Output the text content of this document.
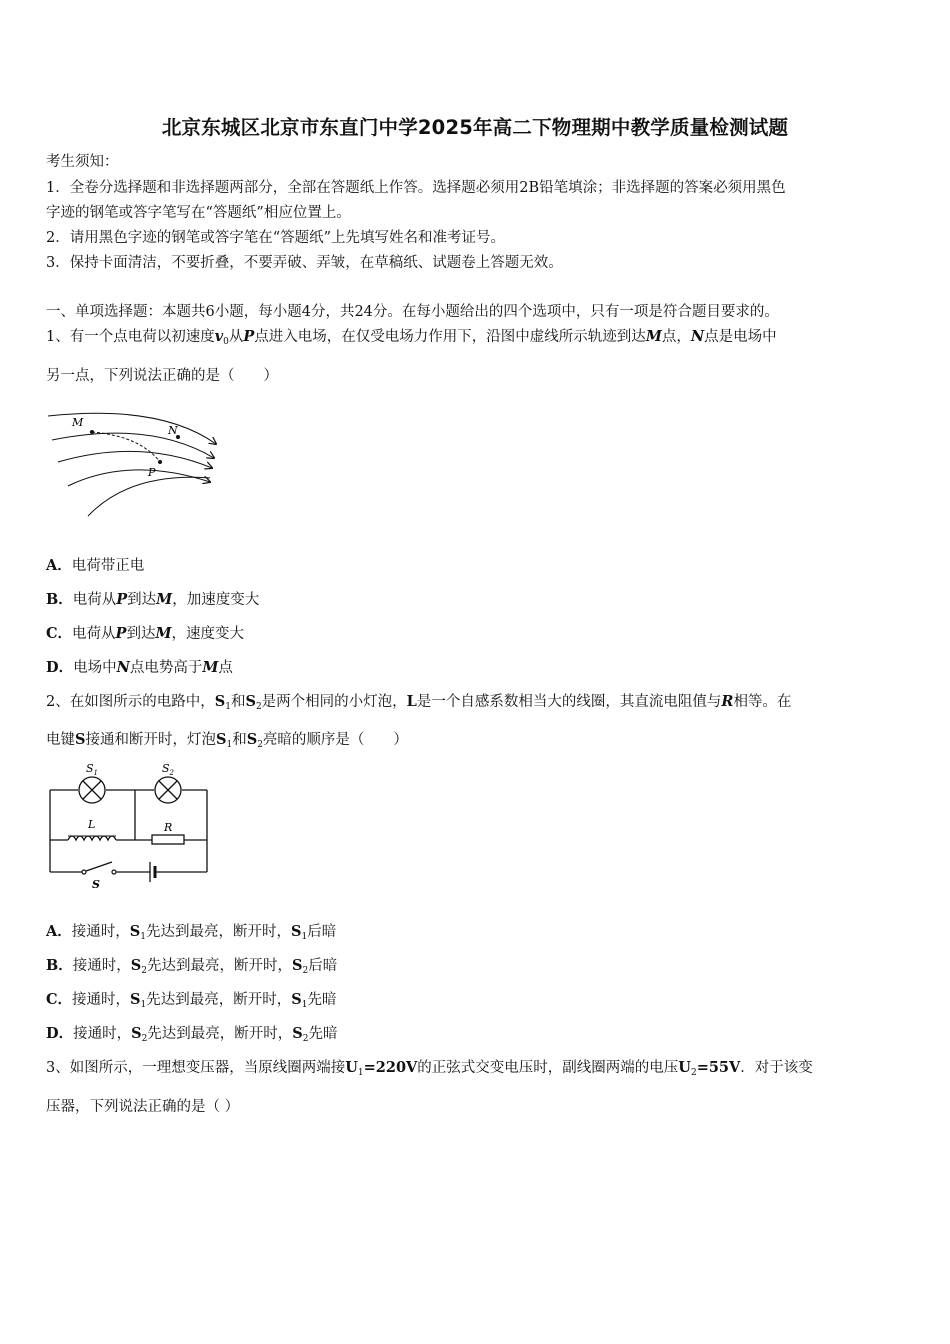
北京东城区北京市东直门中学2025年高二下物理期中教学质量检测试题
考生须知：
1．全卷分选择题和非选择题两部分，全部在答题纸上作答。选择题必须用2B铅笔填涂；非选择题的答案必须用黑色
字迹的钢笔或答字笔写在“答题纸”相应位置上。
2．请用黑色字迹的钢笔或答字笔在“答题纸”上先填写姓名和准考证号。
3．保持卡面清洁，不要折叠，不要弄破、弄皱，在草稿纸、试题卷上答题无效。
一、单项选择题：本题共6小题，每小题4分，共24分。在每小题给出的四个选项中，只有一项是符合题目要求的。
1、有一个点电荷以初速度$v_0$从P点进入电场，在仅受电场力作用下，沿图中虚线所示轨迹到达M点，N点是电场中
另一点，下列说法正确的是（　　）
M
N
P
A．电荷带正电
B．电荷从P到达M，加速度变大
C．电荷从P到达M，速度变大
D．电场中N点电势高于M点
2、在如图所示的电路中，$S_1$和$S_2$是两个相同的小灯泡，L是一个自感系数相当大的线圈，其直流电阻值与R相等。在
电键S接通和断开时，灯泡$S_1$和$S_2$亮暗的顺序是（　　）
$S_1$	$S_2$
L	R
S
A．接通时，$S_1$先达到最亮，断开时，$S_1$后暗
B．接通时，$S_2$先达到最亮，断开时，$S_2$后暗
C．接通时，$S_1$先达到最亮，断开时，$S_1$先暗
D．接通时，$S_2$先达到最亮，断开时，$S_2$先暗
3、如图所示，一理想变压器，当原线圈两端接$U_1=220V$的正弦式交变电压时，副线圈两端的电压$U_2=55V$．对于该变
压器，下列说法正确的是（ ）
